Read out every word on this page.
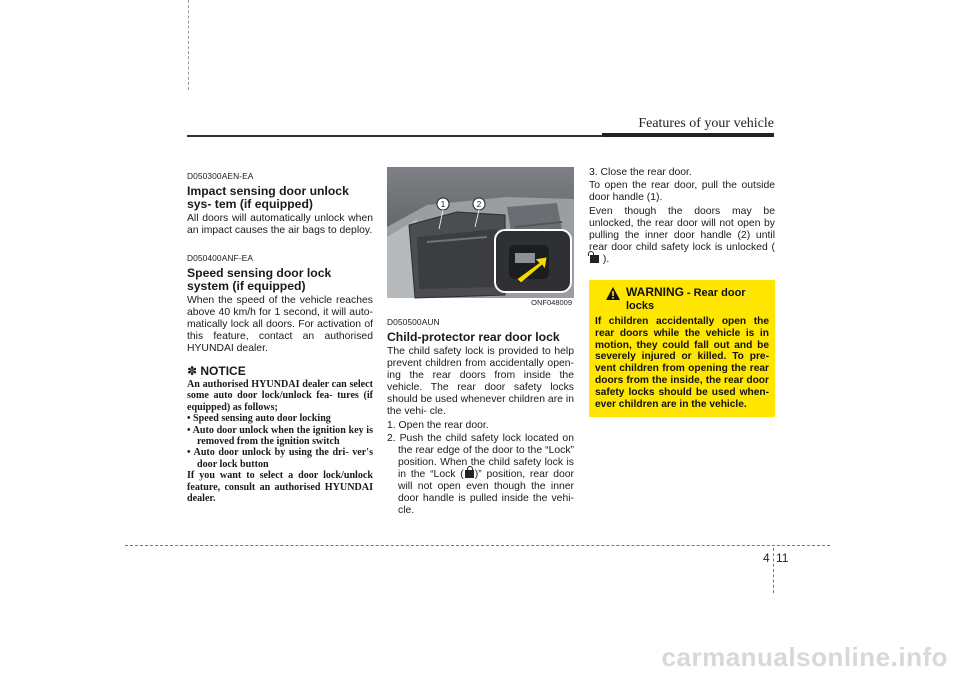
Features of your vehicle
D050300AEN-EA
Impact sensing door unlock sys- tem (if equipped)

All doors will automatically unlock when an impact causes the air bags to deploy.

D050400ANF-EA
Speed sensing door lock system (if equipped)

When the speed of the vehicle reaches above 40 km/h for 1 second, it will auto- matically lock all doors. For activation of this feature, contact an authorised HYUNDAI dealer.

✽ NOTICE

An authorised HYUNDAI dealer can select some auto door lock/unlock fea- tures (if equipped) as follows;

• Speed sensing auto door locking

• Auto door unlock when the ignition key is removed from the ignition switch

• Auto door unlock by using the dri- ver's door lock button

If you want to select a door lock/unlock feature, consult an authorised HYUNDAI dealer.

1	2
ONF048009
D050500AUN
Child-protector rear door lock

The child safety lock is provided to help prevent children from accidentally open- ing the rear doors from inside the vehicle. The rear door safety locks should be used whenever children are in the vehi- cle.

1. Open the rear door.

2. Push the child safety lock located on the rear edge of the door to the “Lock” position. When the child safety lock is in the “Lock ( )” position, rear door will not open even though the inner door handle is pulled inside the vehi- cle.

3. Close the rear door.

To open the rear door, pull the outside door handle (1).

Even though the doors may be unlocked, the rear door will not open by pulling the inner door handle (2) until rear door child safety lock is unlocked (  ).

WARNING - Rear door locks
If children accidentally open the rear doors while the vehicle is in motion, they could fall out and be severely injured or killed. To pre- vent children from opening the rear doors from the inside, the rear door safety locks should be used when- ever children are in the vehicle.
4 11
carmanualsonline.info
